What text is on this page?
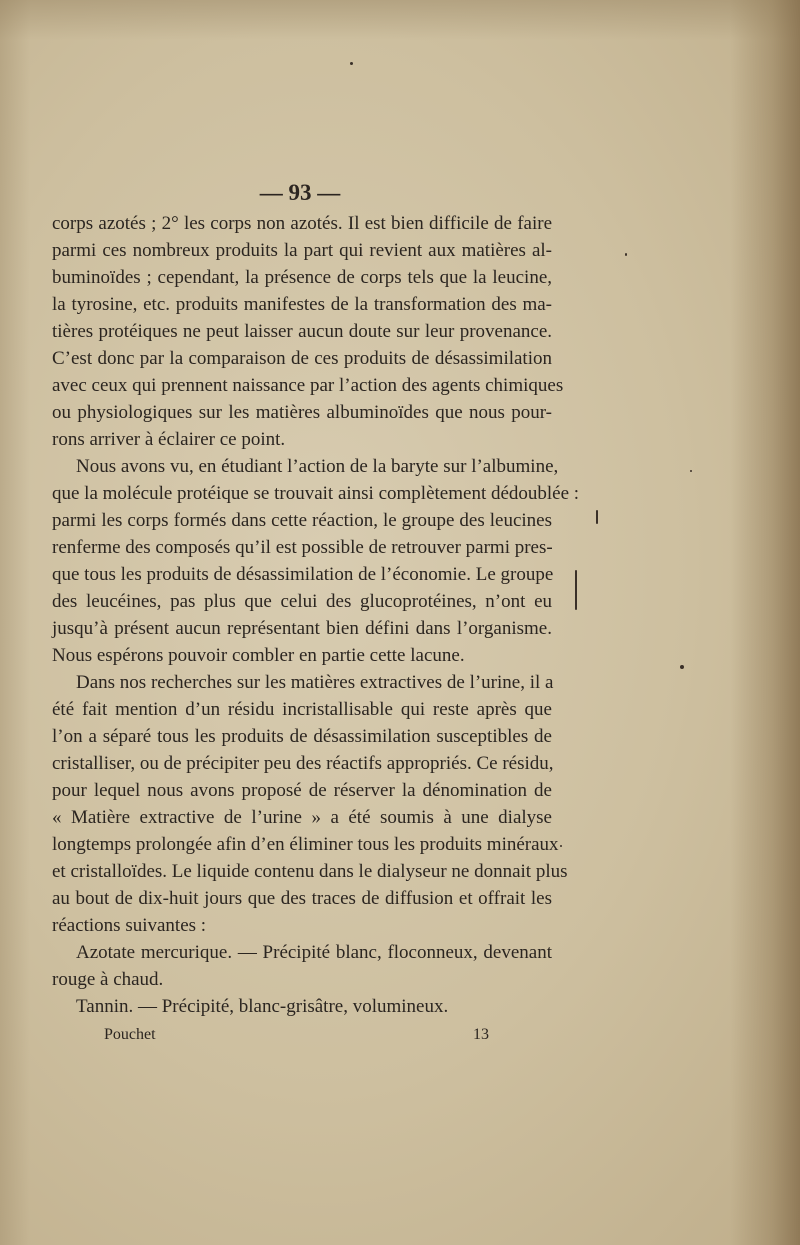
— 93 —
corps azotés ; 2° les corps non azotés. Il est bien difficile de faire
parmi ces nombreux produits la part qui revient aux matières al-
buminoïdes ; cependant, la présence de corps tels que la leucine,
la tyrosine, etc. produits manifestes de la transformation des ma-
tières protéiques ne peut laisser aucun doute sur leur provenance.
C’est donc par la comparaison de ces produits de désassimilation
avec ceux qui prennent naissance par l’action des agents chimiques
ou physiologiques sur les matières albuminoïdes que nous pour-
rons arriver à éclairer ce point.
Nous avons vu, en étudiant l’action de la baryte sur l’albumine,
que la molécule protéique se trouvait ainsi complètement dédoublée :
parmi les corps formés dans cette réaction, le groupe des leucines
renferme des composés qu’il est possible de retrouver parmi pres-
que tous les produits de désassimilation de l’économie. Le groupe
des leucéines, pas plus que celui des glucoprotéines, n’ont eu
jusqu’à présent aucun représentant bien défini dans l’organisme.
Nous espérons pouvoir combler en partie cette lacune.
Dans nos recherches sur les matières extractives de l’urine, il a
été fait mention d’un résidu incristallisable qui reste après que
l’on a séparé tous les produits de désassimilation susceptibles de
cristalliser, ou de précipiter peu des réactifs appropriés. Ce résidu,
pour lequel nous avons proposé de réserver la dénomination de
« Matière extractive de l’urine » a été soumis à une dialyse
longtemps prolongée afin d’en éliminer tous les produits minéraux
et cristalloïdes. Le liquide contenu dans le dialyseur ne donnait plus
au bout de dix-huit jours que des traces de diffusion et offrait les
réactions suivantes :
Azotate mercurique. — Précipité blanc, floconneux, devenant
rouge à chaud.
Tannin. — Précipité, blanc-grisâtre, volumineux.
Pouchet	13
